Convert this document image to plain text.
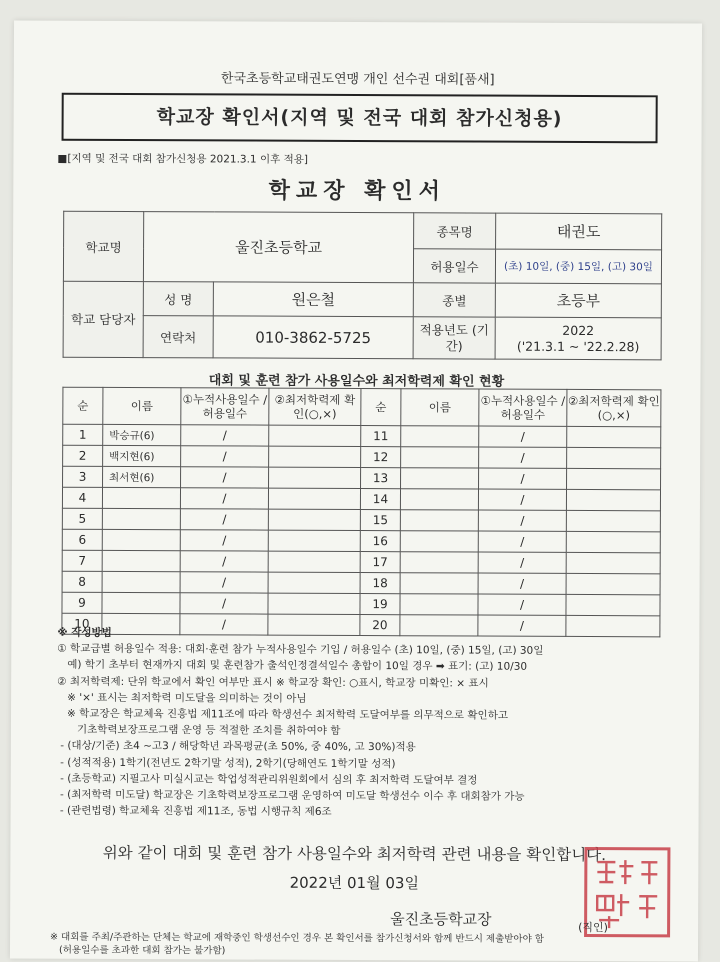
한국초등학교태권도연맹 개인 선수권 대회[품새]
학교장 확인서(지역 및 전국 대회 참가신청용)
■[지역 및 전국 대회 참가신청용 2021.3.1 이후 적용]
학교장 확인서
학교명	울진초등학교		종목명	태권도
			허용일수	(초) 10일, (중) 15일, (고) 30일
학교 담당자	성 명	원은철	종별	초등부
	연락처	010-3862-5725	적용년도 (기간)	2022
('21.3.1 ~ '22.2.28)
대회 및 훈련 참가 사용일수와 최저학력제 확인 현황
순	이름	①누적사용일수 /허용일수	②최저학력제 확인(○,×)	순	이름	①누적사용일수 /허용일수	②최저학력제 확인(○,×)
1	박승규(6)	/		11		/	
2	백지현(6)	/		12		/	
3	최서현(6)	/		13		/	
4		/		14		/	
5		/		15		/	
6		/		16		/	
7		/		17		/	
8		/		18		/	
9		/		19		/	
10		/		20		/	
※ 작성방법
① 학교급별 허용일수 적용: 대회·훈련 참가 누적사용일수 기입 / 허용일수 (초) 10일, (중) 15일, (고) 30일
예) 학기 초부터 현재까지 대회 및 훈련참가 출석인정결석일수 총합이 10일 경우 ➡ 표기: (고) 10/30
② 최저학력제: 단위 학교에서 확인 여부만 표시 ※ 학교장 확인: ○표시, 학교장 미확인: × 표시
※ '×' 표시는 최저학력 미도달을 의미하는 것이 아님
※ 학교장은 학교체육 진흥법 제11조에 따라 학생선수 최저학력 도달여부를 의무적으로 확인하고
기초학력보장프로그램 운영 등 적절한 조치를 취하여야 함
- (대상/기준) 초4 ~고3 / 해당학년 과목평균(초 50%, 중 40%, 고 30%)적용
- (성적적용) 1학기(전년도 2학기말 성적), 2학기(당해연도 1학기말 성적)
- (초등학교) 지필고사 미실시교는 학업성적관리위원회에서 심의 후 최저학력 도달여부 결정
- (최저학력 미도달) 학교장은 기초학력보장프로그램 운영하여 미도달 학생선수 이수 후 대회참가 가능
- (관련법령) 학교체육 진흥법 제11조, 동법 시행규칙 제6조
위와 같이 대회 및 훈련 참가 사용일수와 최저학력 관련 내용을 확인합니다.
2022년 01월 03일
울진초등학교장	(직인)
※ 대회를 주최/주관하는 단체는 학교에 재학중인 학생선수인 경우 본 확인서를 참가신청서와 함께 반드시 제출받아야 함
(허용일수를 초과한 대회 참가는 불가함)
